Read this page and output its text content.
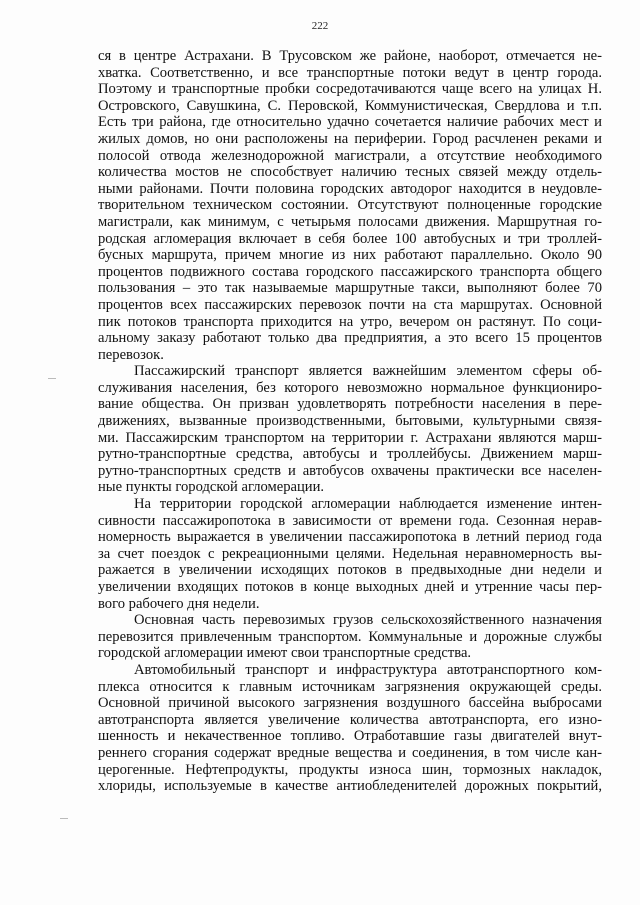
222
ся в центре Астрахани. В Трусовском же районе, наоборот, отмечается не-
хватка. Соответственно, и все транспортные потоки ведут в центр города.
Поэтому и транспортные пробки сосредотачиваются чаще всего на улицах Н.
Островского, Савушкина, С. Перовской, Коммунистическая, Свердлова и т.п.
Есть три района, где относительно удачно сочетается наличие рабочих мест и
жилых домов, но они расположены на периферии. Город расчленен реками и
полосой отвода железнодорожной магистрали, а отсутствие необходимого
количества мостов не способствует наличию тесных связей между отдель-
ными районами. Почти половина городских автодорог находится в неудовле-
творительном техническом состоянии. Отсутствуют полноценные городские
магистрали, как минимум, с четырьмя полосами движения. Маршрутная го-
родская агломерация включает в себя более 100 автобусных и три троллей-
бусных маршрута, причем многие из них работают параллельно. Около 90
процентов подвижного состава городского пассажирского транспорта общего
пользования – это так называемые маршрутные такси, выполняют более 70
процентов всех пассажирских перевозок почти на ста маршрутах. Основной
пик потоков транспорта приходится на утро, вечером он растянут. По соци-
альному заказу работают только два предприятия, а это всего 15 процентов
перевозок.
Пассажирский транспорт является важнейшим элементом сферы об-
служивания населения, без которого невозможно нормальное функциониро-
вание общества. Он призван удовлетворять потребности населения в пере-
движениях, вызванные производственными, бытовыми, культурными связя-
ми. Пассажирским транспортом на территории г. Астрахани являются марш-
рутно-транспортные средства, автобусы и троллейбусы. Движением марш-
рутно-транспортных средств и автобусов охвачены практически все населен-
ные пункты городской агломерации.
На территории городской агломерации наблюдается изменение интен-
сивности пассажиропотока в зависимости от времени года. Сезонная нерав-
номерность выражается в увеличении пассажиропотока в летний период года
за счет поездок с рекреационными целями. Недельная неравномерность вы-
ражается в увеличении исходящих потоков в предвыходные дни недели и
увеличении входящих потоков в конце выходных дней и утренние часы пер-
вого рабочего дня недели.
Основная часть перевозимых грузов сельскохозяйственного назначения
перевозится привлеченным транспортом. Коммунальные и дорожные службы
городской агломерации имеют свои транспортные средства.
Автомобильный транспорт и инфраструктура автотранспортного ком-
плекса относится к главным источникам загрязнения окружающей среды.
Основной причиной высокого загрязнения воздушного бассейна выбросами
автотранспорта является увеличение количества автотранспорта, его изно-
шенность и некачественное топливо. Отработавшие газы двигателей внут-
реннего сгорания содержат вредные вещества и соединения, в том числе кан-
церогенные. Нефтепродукты, продукты износа шин, тормозных накладок,
хлориды, используемые в качестве антиобледенителей дорожных покрытий,
